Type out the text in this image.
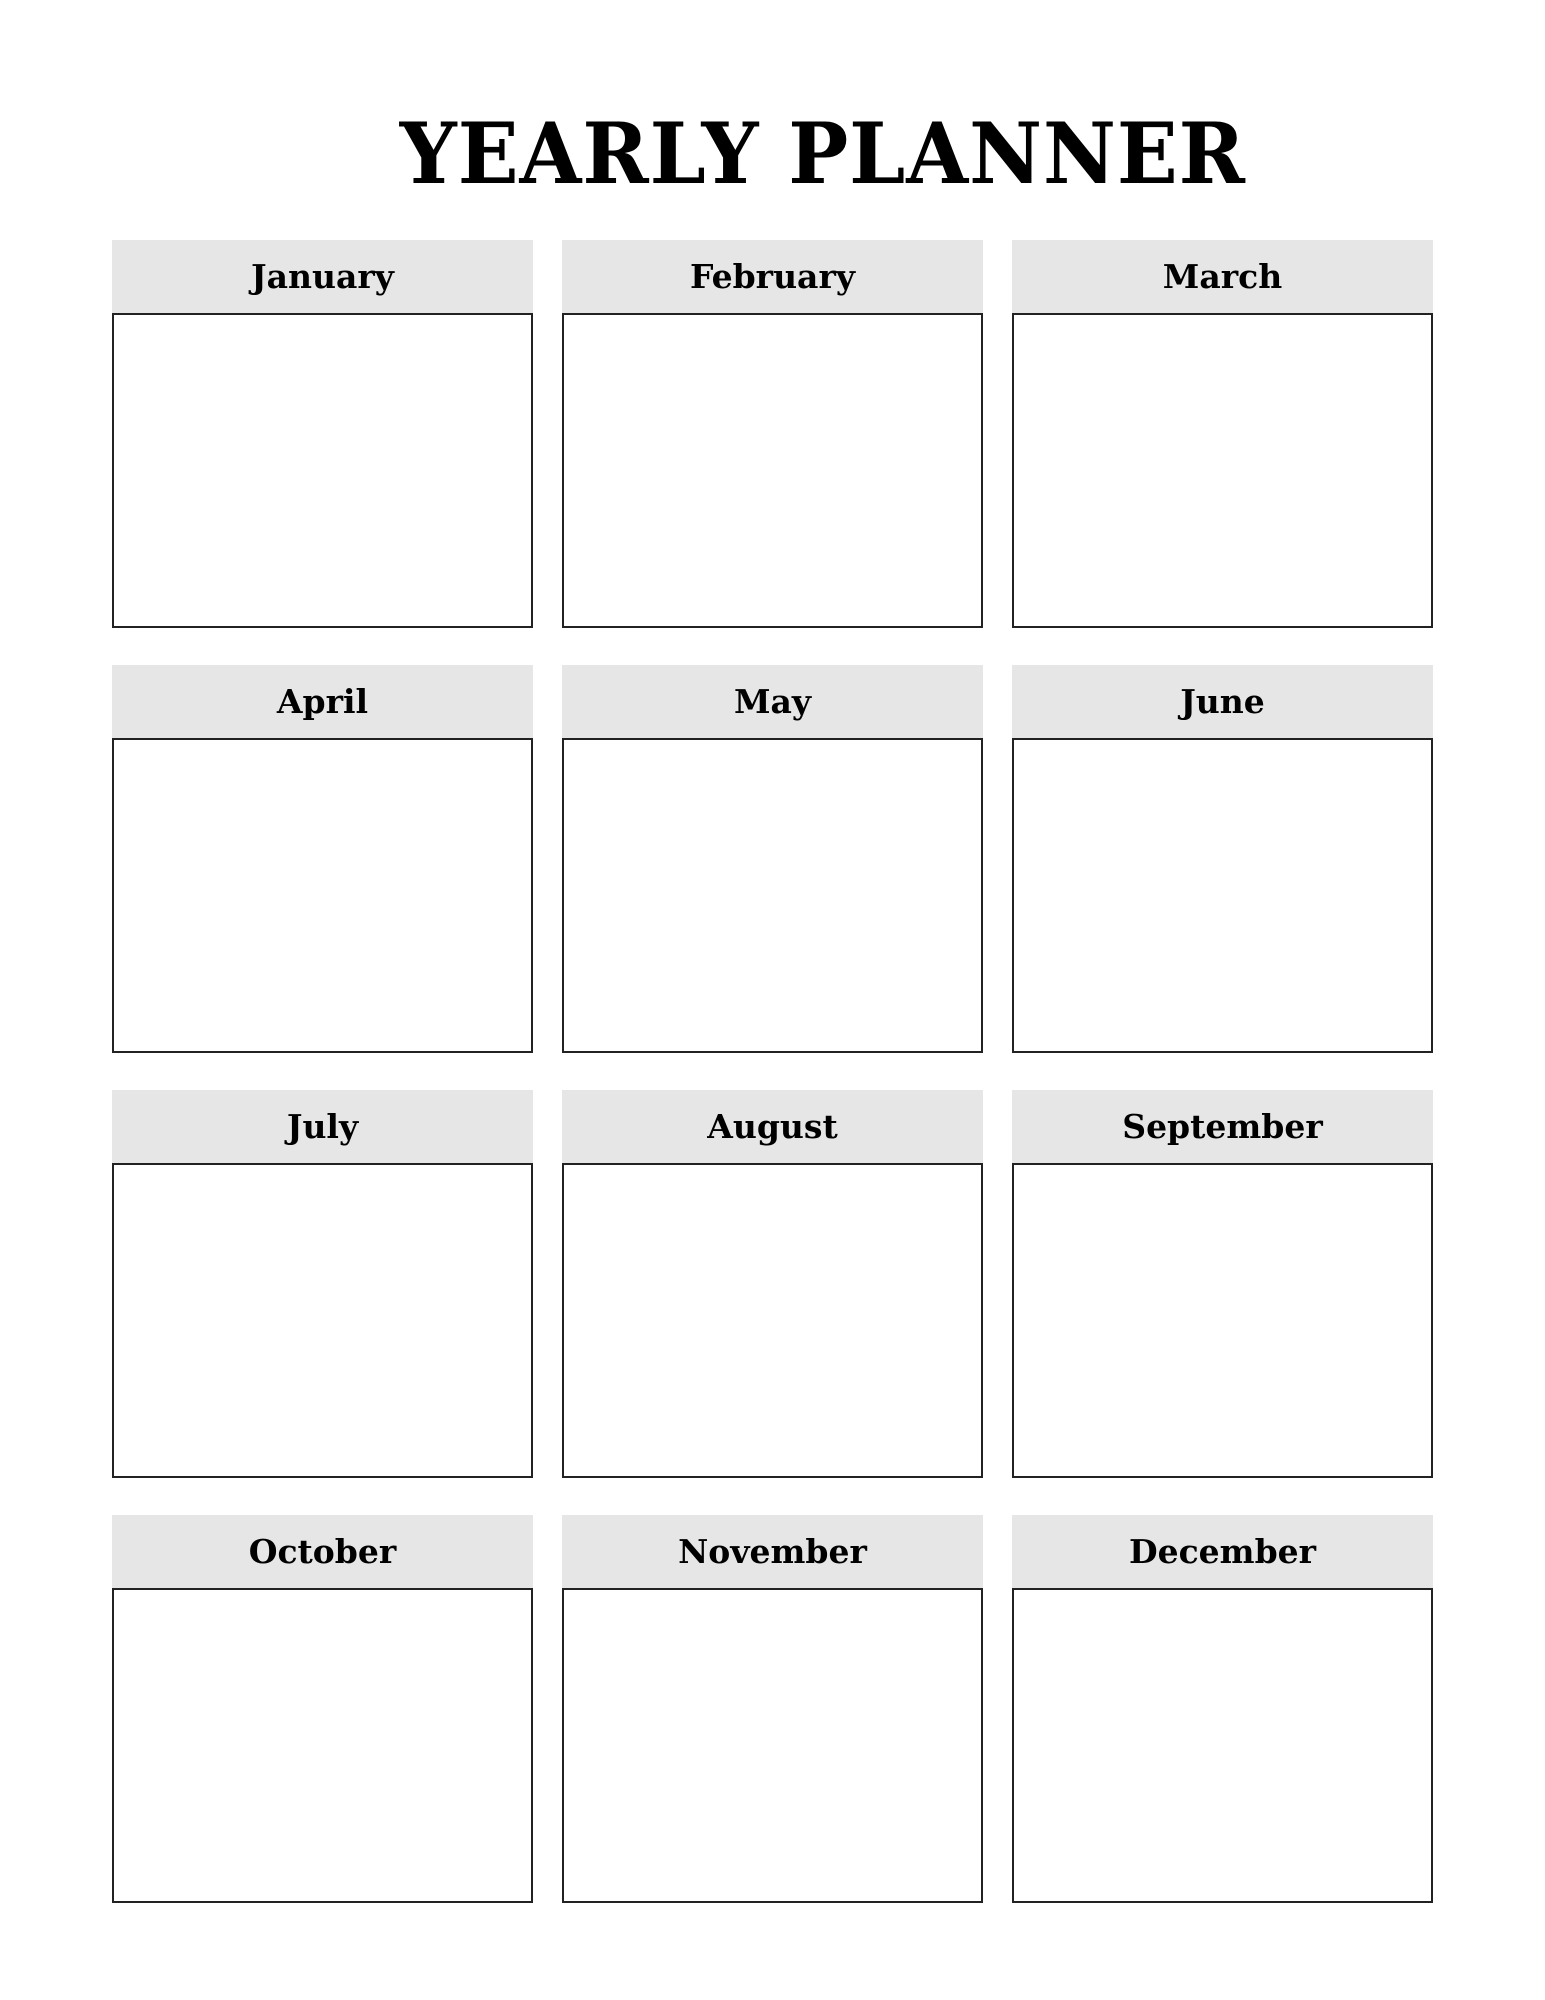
YEARLY PLANNER
January	February	March
April	May	June
July	August	September
October	November	December
